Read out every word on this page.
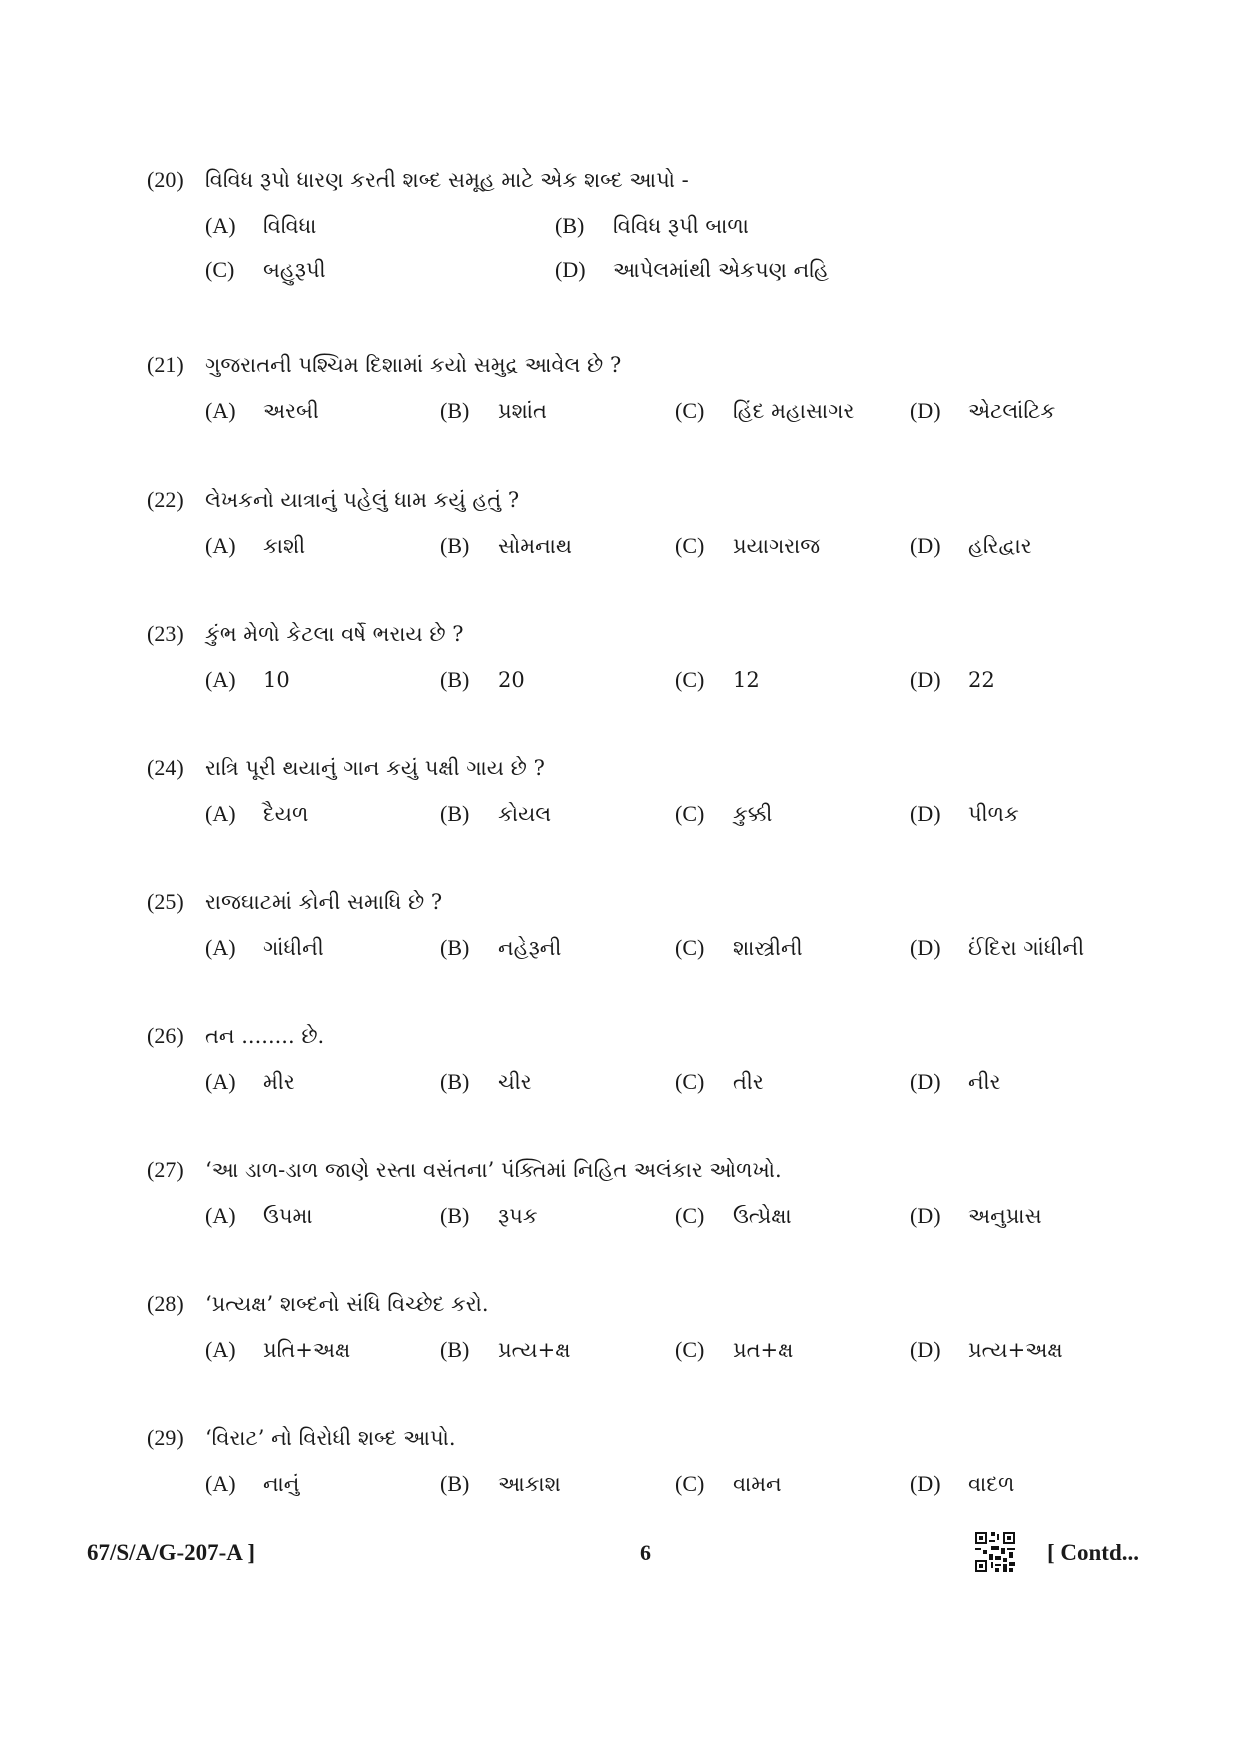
(20)	વિવિધ રૂપો ધારણ કરતી શબ્દ સમૂહ માટે એક શબ્દ આપો -
(A)	વિવિધા	(B)	વિવિધ રૂપી બાળા
(C)	બહુરૂપી	(D)	આપેલમાંથી એકપણ નહિ
(21)	ગુજરાતની પશ્ચિમ દિશામાં કયો સમુદ્ર આવેલ છે ?
(A)	અરબી	(B)	પ્રશાંત	(C)	હિંદ મહાસાગર	(D)	એટલાંટિક
(22)	લેખકનો યાત્રાનું પહેલું ધામ કયું હતું ?
(A)	કાશી	(B)	સોમનાથ	(C)	પ્રયાગરાજ	(D)	હરિદ્વાર
(23)	કુંભ મેળો કેટલા વર્ષે ભરાય છે ?
(A)	10	(B)	20	(C)	12	(D)	22
(24)	રાત્રિ પૂરી થયાનું ગાન કયું પક્ષી ગાય છે ?
(A)	દૈયળ	(B)	કોયલ	(C)	કુક્કી	(D)	પીળક
(25)	રાજઘાટમાં કોની સમાધિ છે ?
(A)	ગાંધીની	(B)	નહેરૂની	(C)	શાસ્ત્રીની	(D)	ઈંદિરા ગાંધીની
(26)	તન ........ છે.
(A)	મીર	(B)	ચીર	(C)	તીર	(D)	નીર
(27)	‘આ ડાળ-ડાળ જાણે રસ્તા વસંતના’ પંક્તિમાં નિહિત અલંકાર ઓળખો.
(A)	ઉપમા	(B)	રૂપક	(C)	ઉત્પ્રેક્ષા	(D)	અનુપ્રાસ
(28)	‘પ્રત્યક્ષ’ શબ્દનો સંધિ વિચ્છેદ કરો.
(A)	પ્રતિ+અક્ષ	(B)	પ્રત્ય+ક્ષ	(C)	પ્રત+ક્ષ	(D)	પ્રત્ય+અક્ષ
(29)	‘વિરાટ’ નો વિરોધી શબ્દ આપો.
(A)	નાનું	(B)	આકાશ	(C)	વામન	(D)	વાદળ
67/S/A/G-207-A ]	6	[ Contd...
